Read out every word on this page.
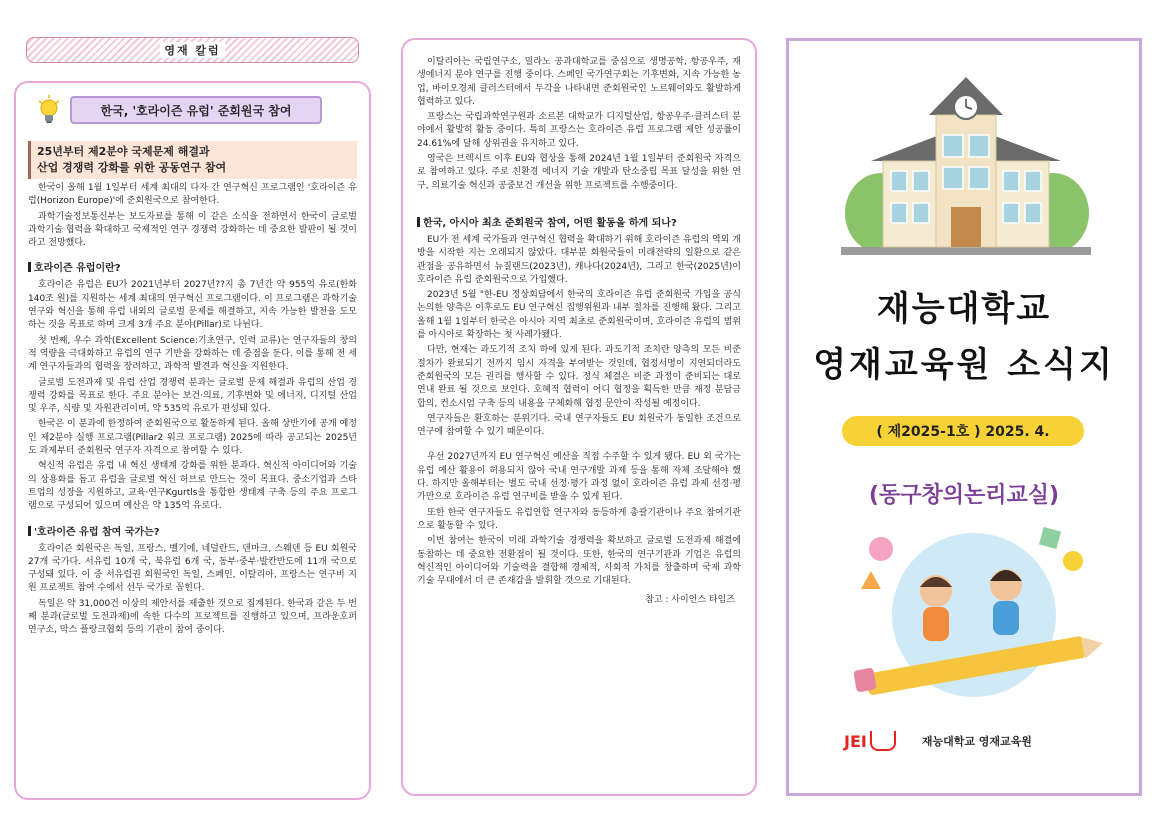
영재 칼럼
25년부터 제2분야 국제문제 해결과
산업 경쟁력 강화를 위한 공동연구 참여

한국이 올해 1월 1일부터 세계 최대의 다자 간 연구혁신 프로그램인 '호라이즌 유럽(Horizon Europe)'에 준회원국으로 참여한다.

과학기술정보통신부는 보도자료를 통해 이 같은 소식을 전하면서 한국이 글로벌 과학기술 협력을 확대하고 국제적인 연구 경쟁력 강화하는 데 중요한 발판이 될 것이라고 전망했다.

호라이즌 유럽이란?

호라이즌 유럽은 EU가 2021년부터 2027년??지 총 7년간 약 955억 유로(한화 140조 원)를 지원하는 세계 최대의 연구혁신 프로그램이다. 이 프로그램은 과학기술 연구와 혁신을 통해 유럽 내외의 글로벌 문제를 해결하고, 지속 가능한 발전을 도모하는 것을 목표로 하며 크게 3개 주요 분야(Pillar)로 나뉜다.

첫 번째, 우수 과학(Excellent Science:기초연구, 인력 교류)는 연구자들의 창의적 역량을 극대화하고 유럽의 연구 기반을 강화하는 데 중점을 둔다. 이를 통해 전 세계 연구자들과의 협력을 장려하고, 과학적 발견과 혁신을 지원한다.

글로벌 도전과제 및 유럽 산업 경쟁력 분과는 글로벌 문제 해결과 유럽의 산업 경쟁력 강화를 목표로 한다. 주요 분야는 보건·의료, 기후변화 및 에너지, 디지털 산업 및 우주, 식량 및 자원관리이며, 약 535억 유로가 편성돼 있다.

한국은 이 분과에 한정하여 준회원국으로 활동하게 된다. 올해 상반기에 공개 예정인 제2분야 실행 프로그램(Pillar2 워크 프로그램) 2025에 따라 공고되는 2025년도 과제부터 준회원국 연구자 자격으로 참여할 수 있다.

혁신적 유럽은 유럽 내 혁신 생태계 강화를 위한 분과다. 혁신적 아이디어와 기술의 상용화를 돕고 유럽을 글로벌 혁신 허브로 만드는 것이 목표다. 중소기업과 스타트업의 성장을 지원하고, 교육·연구Kgurtls을 통합한 생태계 구축 등의 주요 프로그램으로 구성되어 있으며 예산은 약 135억 유로다.

'호라이즌 유럽 참여 국가는?

호라이즌 회원국은 독일, 프랑스, 벨기에, 네덜란드, 덴마크, 스웨덴 등 EU 회원국 27개 국가다. 서유럽 10개 국, 북유럽 6개 국, 동부·중부·발칸반도에 11개 국으로 구성돼 있다. 이 중 서유럽권 회원국인 독일, 스페인, 이탈리아, 프랑스는 연구비 지원 프로젝트 참여 수에서 선두 국가로 꼽힌다.

독일은 약 31,000건 이상의 제안서를 제출한 것으로 집계된다. 한국과 같은 두 번째 분과(글로벌 도전과제)에 속한 다수의 프로젝트를 진행하고 있으며, 프라운호퍼 연구소, 막스 플랑크협회 등의 기관이 참여 중이다.

한국, '호라이즌 유럽' 준회원국 참여

이탈리아는 국립연구소, 밀라노 공과대학교를 중심으로 생명공학, 항공우주, 재생에너지 분야 연구를 진행 중이다. 스페인 국가연구회는 기후변화, 지속 가능한 농업, 바이오경제 클러스터에서 두각을 나타내면 준회원국인 노르웨이와도 활발하게 협력하고 있다.

프랑스는 국립과학연구원과 소르본 대학교가 디지털산업, 항공우주·클러스터 분야에서 활발히 활동 중이다. 특히 프랑스는 호라이즌 유럽 프로그램 제안 성공률이 24.61%에 달해 상위권을 유지하고 있다.

영국은 브렉시트 이후 EU와 협상을 통해 2024년 1월 1일부터 준회원국 자격으로 참여하고 있다. 주로 친환경 에너지 기술 개발과 탄소중립 목표 달성을 위한 연구, 의료기술 혁신과 공중보건 개선을 위한 프로젝트를 수행중이다.

한국, 아시아 최초 준회원국 참여, 어떤 활동을 하게 되나?

EU가 전 세계 국가들과 연구혁신 협력을 확대하기 위해 호라이즌 유럽의 역외 개방을 시작한 지는 오래되지 않았다. 대부분 회원국들이 미래전략의 일환으로 같은 관점을 공유하면서 뉴질랜드(2023년), 캐나다(2024년), 그리고 한국(2025년)이 호라이즌 유럽 준회원국으로 가입했다.

2023년 5월 "한-EU 정상회담에서 한국의 호라이즌 유럽 준회원국 가입을 공식 논의한 양측은 이후로도 EU 연구혁신 집행위원과 내부 절차를 진행해 왔다. 그리고 올해 1월 1일부터 한국은 아시아 지역 최초로 준회원국이며, 호라이즌 유럽의 범위를 아시아로 확장하는 첫 사례가됐다.

다만, 현재는 과도기적 조치 하에 있게 된다. 과도기적 조치란 양측의 모든 비준 절차가 완료되기 전까지 임시 자격을 부여받는 것인데, 협정서명이 지연되더라도 준회원국의 모든 권리를 행사할 수 있다. 정식 체결은 비준 과정이 준비되는 대로 연내 완료 될 것으로 보인다. 호혜적 협력이 어디 협정을 획득한 만큼 재정 분담금 합의, 컨소시엄 구축 등의 내용을 구체화해 협정 문안이 작성될 예정이다.

연구자들은 환호하는 분위기다. 국내 연구자들도 EU 회원국가 동일한 조건으로 연구에 참여할 수 있기 때문이다.

우선 2027년까지 EU 연구혁신 예산을 직접 수주할 수 있게 됐다. EU 외 국가는 유럽 예산 활용이 허용되지 않아 국내 연구개발 과제 등을 통해 자체 조달해야 했다. 하지만 올해부터는 별도 국내 선정·평가 과정 없이 호라이즌 유럽 과제 선정·평가만으로 호라이즌 유럽 연구비를 받을 수 있게 된다.

또한 한국 연구자들도 유럽연합 연구자와 동등하게 총괄기관이나 주요 참여기관으로 활동할 수 있다.

이번 참여는 한국이 미래 과학기술 경쟁력을 확보하고 글로벌 도전과제 해결에 동참하는 데 중요한 전환점이 될 것이다. 또한, 한국의 연구기관과 기업은 유럽의 혁신적인 아이디어와 기술력을 결합해 경제적, 사회적 가치를 창출하며 국제 과학기술 무대에서 더 큰 존재감을 발휘할 것으로 기대된다.

참고 : 사이언스 타임즈
재능대학교
영재교육원 소식지
( 제2025-1호 ) 2025. 4.
(동구창의논리교실)
JEI	재능대학교 영재교육원
